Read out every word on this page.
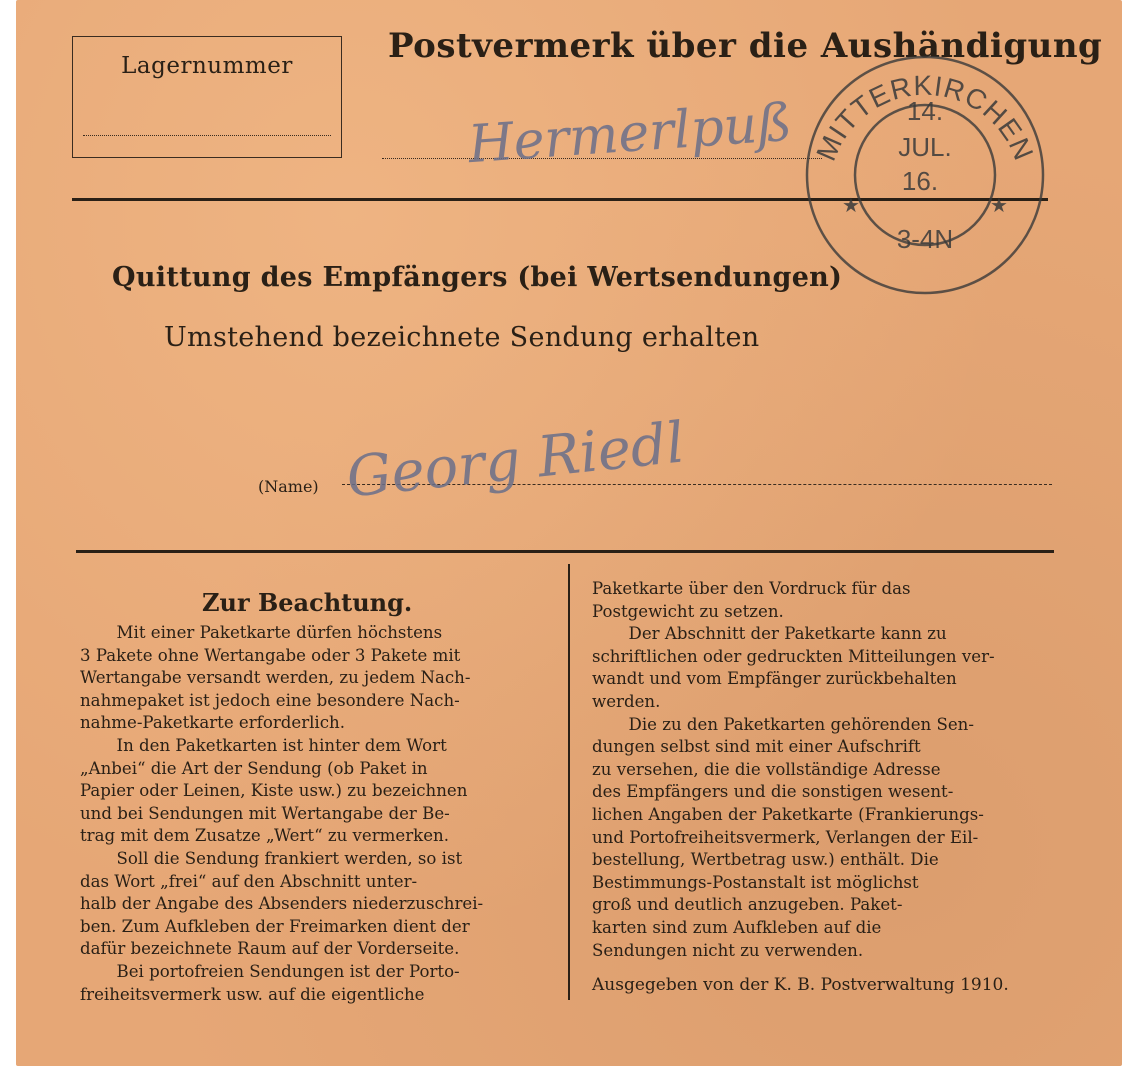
Lagernummer	Postvermerk über die Aushändigung
Hermerlpuß MITTERKIRCHEN
14.
JUL.
16.
3-4N
★	★
Quittung des Empfängers (bei Wertsendungen)
Umstehend bezeichnete Sendung erhalten
(Name) Georg Riedl
Zur Beachtung.

Mit einer Paketkarte dürfen höchstens

3 Pakete ohne Wertangabe oder 3 Pakete mit

Wertangabe versandt werden, zu jedem Nach-

nahmepaket ist jedoch eine besondere Nach-

nahme-Paketkarte erforderlich.

In den Paketkarten ist hinter dem Wort

„Anbei“ die Art der Sendung (ob Paket in

Papier oder Leinen, Kiste usw.) zu bezeichnen

und bei Sendungen mit Wertangabe der Be-

trag mit dem Zusatze „Wert“ zu vermerken.

Soll die Sendung frankiert werden, so ist

das Wort „frei“ auf den Abschnitt unter-

halb der Angabe des Absenders niederzuschrei-

ben. Zum Aufkleben der Freimarken dient der

dafür bezeichnete Raum auf der Vorderseite.

Bei portofreien Sendungen ist der Porto-

freiheitsvermerk usw. auf die eigentliche

Paketkarte über den Vordruck für das

Postgewicht zu setzen.

Der Abschnitt der Paketkarte kann zu

schriftlichen oder gedruckten Mitteilungen ver-

wandt und vom Empfänger zurückbehalten

werden.

Die zu den Paketkarten gehörenden Sen-

dungen selbst sind mit einer Aufschrift

zu versehen, die die vollständige Adresse

des Empfängers und die sonstigen wesent-

lichen Angaben der Paketkarte (Frankierungs-

und Portofreiheitsvermerk, Verlangen der Eil-

bestellung, Wertbetrag usw.) enthält. Die

Bestimmungs-Postanstalt ist möglichst

groß und deutlich anzugeben. Paket-

karten sind zum Aufkleben auf die

Sendungen nicht zu verwenden.

Ausgegeben von der K. B. Postverwaltung 1910.
